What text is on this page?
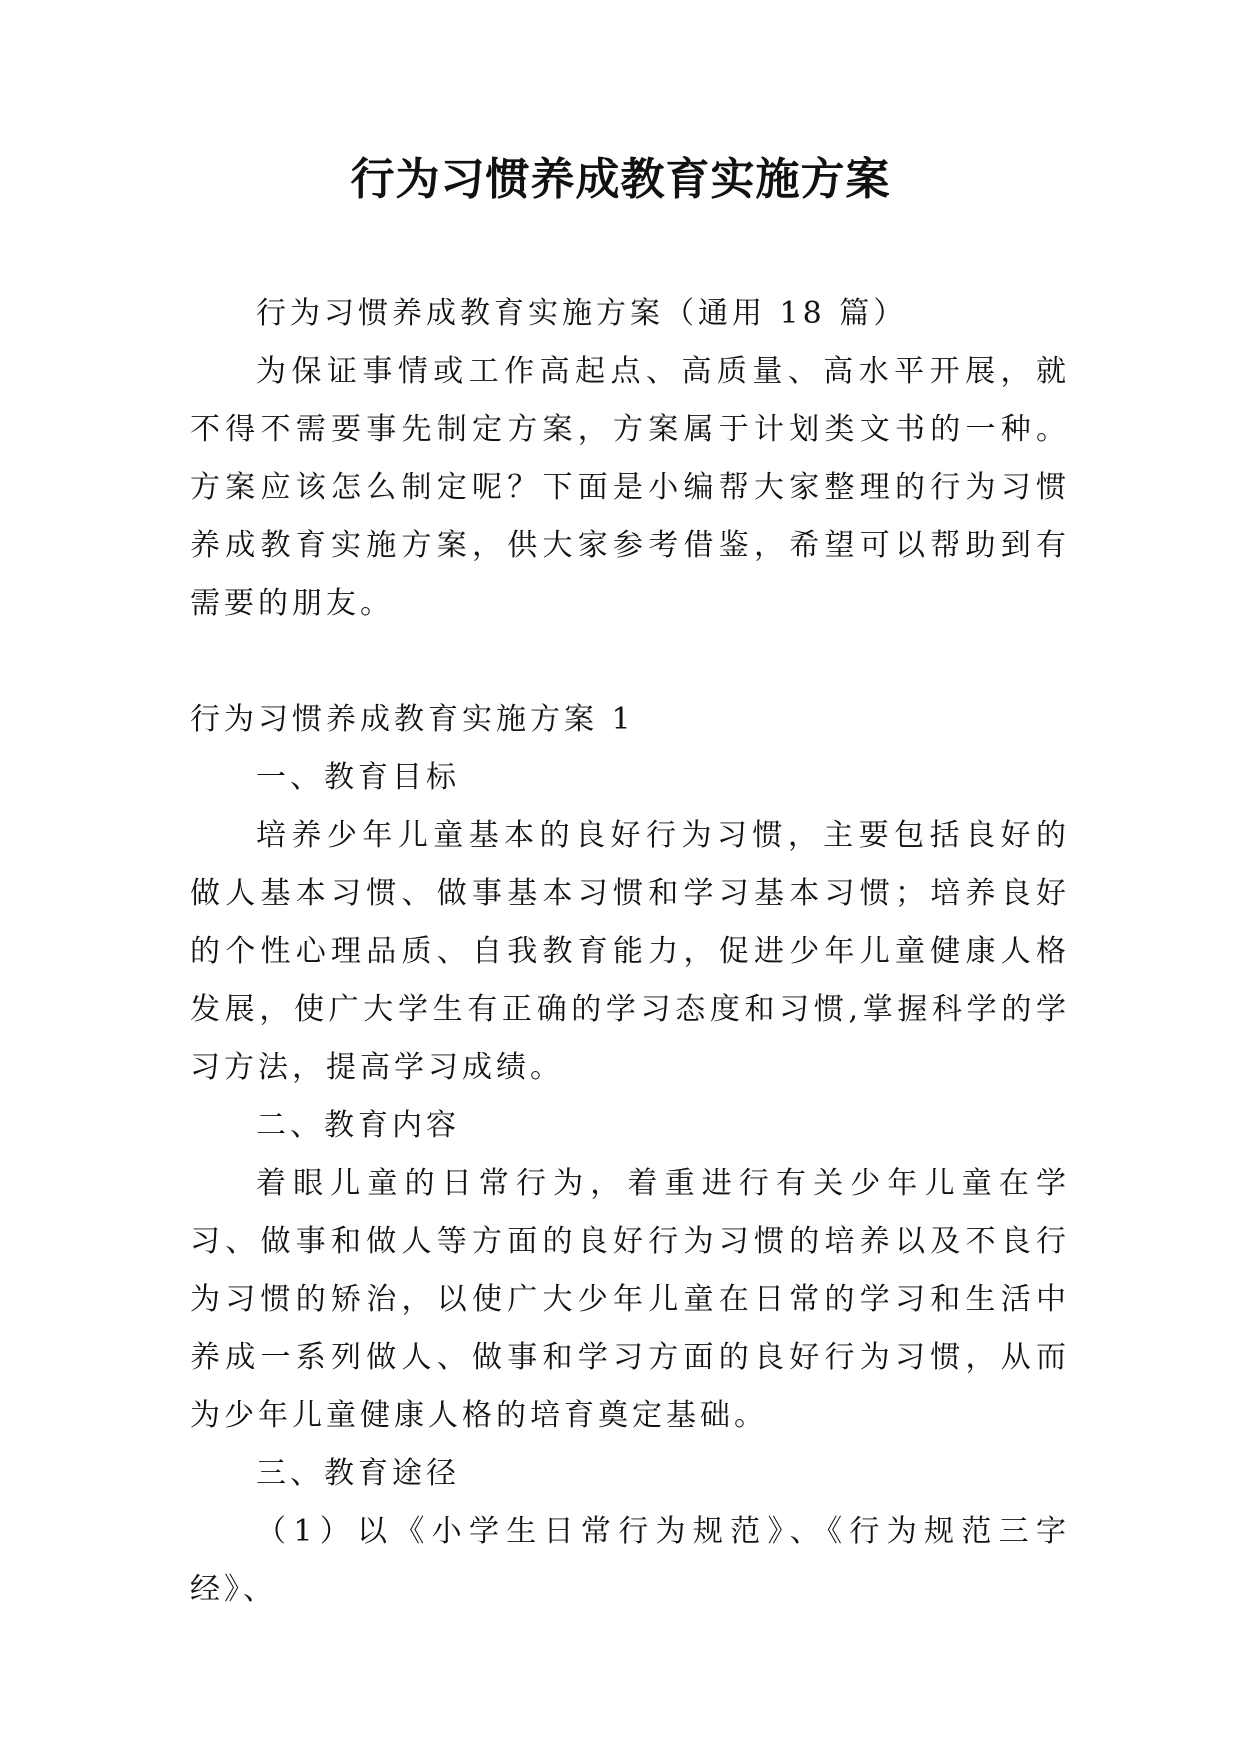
行为习惯养成教育实施方案

行为习惯养成教育实施方案（通用 18 篇）

为保证事情或工作高起点、高质量、高水平开展，就不得不需要事先制定方案，方案属于计划类文书的一种。方案应该怎么制定呢？下面是小编帮大家整理的行为习惯养成教育实施方案，供大家参考借鉴，希望可以帮助到有需要的朋友。

行为习惯养成教育实施方案 1

一、教育目标

培养少年儿童基本的良好行为习惯，主要包括良好的做人基本习惯、做事基本习惯和学习基本习惯；培养良好的个性心理品质、自我教育能力，促进少年儿童健康人格发展，使广大学生有正确的学习态度和习惯,掌握科学的学习方法，提高学习成绩。

二、教育内容

着眼儿童的日常行为，着重进行有关少年儿童在学习、做事和做人等方面的良好行为习惯的培养以及不良行为习惯的矫治，以使广大少年儿童在日常的学习和生活中养成一系列做人、做事和学习方面的良好行为习惯，从而为少年儿童健康人格的培育奠定基础。

三、教育途径

（1）以《小学生日常行为规范》、《行为规范三字经》、
